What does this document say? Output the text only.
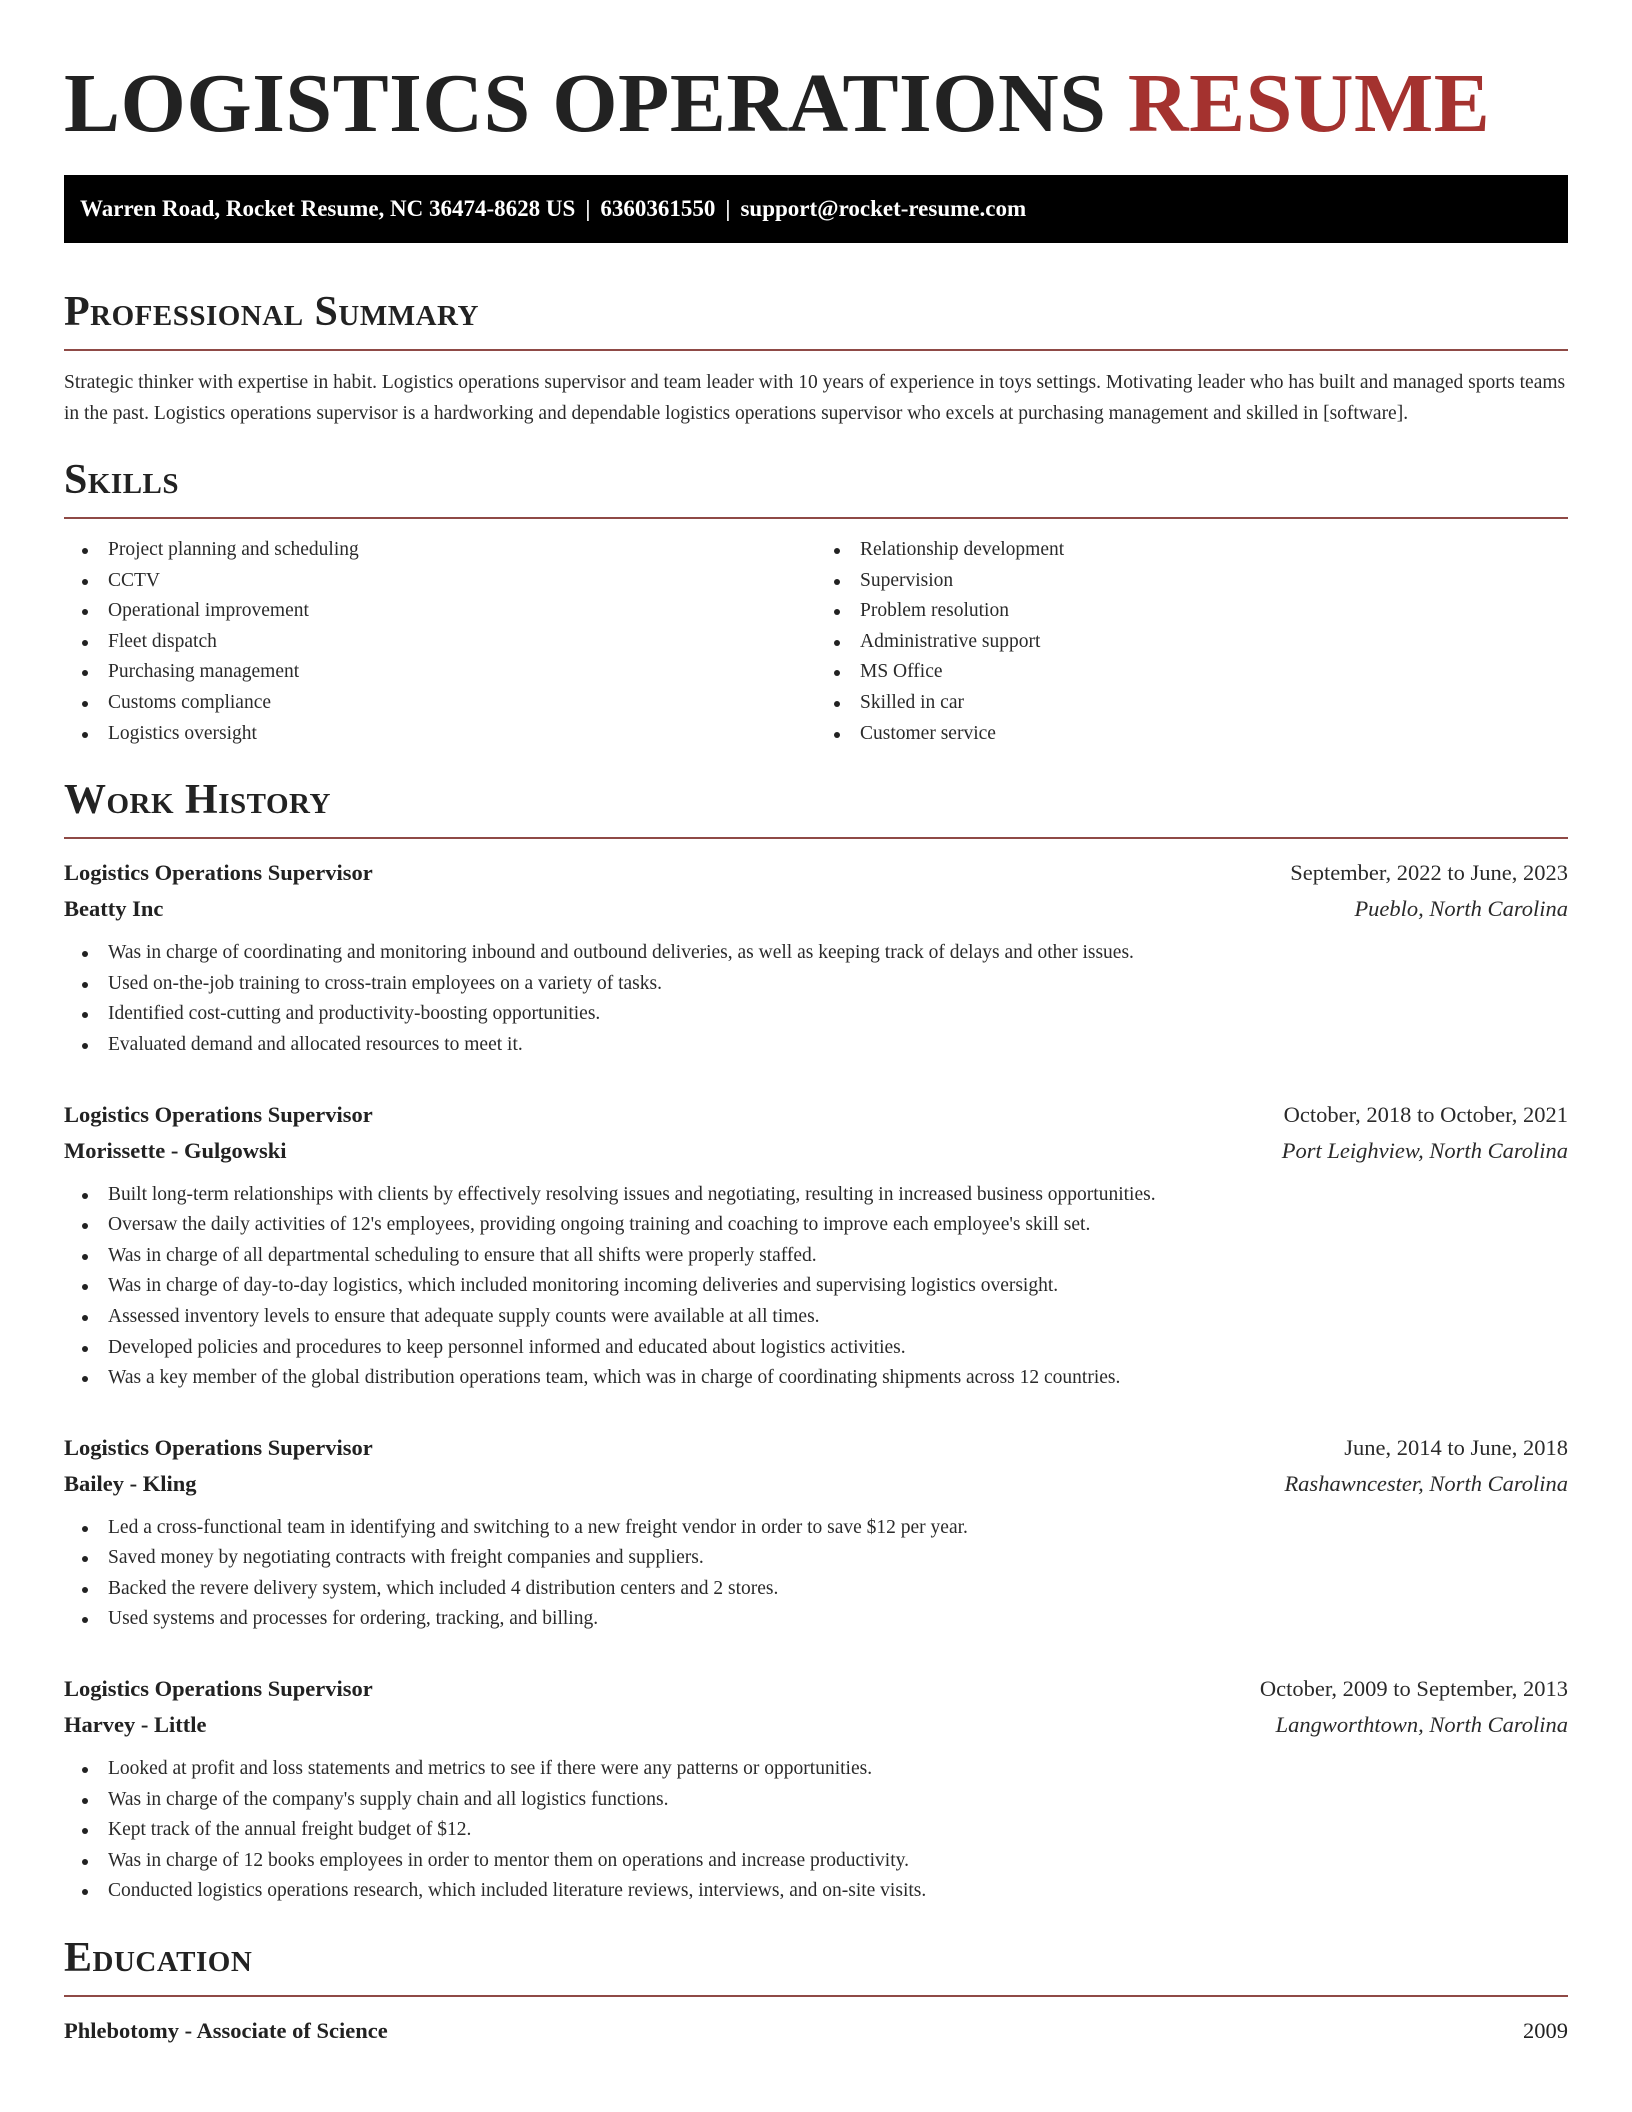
LOGISTICS OPERATIONS RESUME
Warren Road, Rocket Resume, NC 36474-8628 US | 6360361550 | support@rocket-resume.com
Professional Summary

Strategic thinker with expertise in habit. Logistics operations supervisor and team leader with 10 years of experience in toys settings. Motivating leader who has built and managed sports teams in the past. Logistics operations supervisor is a hardworking and dependable logistics operations supervisor who excels at purchasing management and skilled in [software].

Skills
Project planning and scheduling
CCTV
Operational improvement
Fleet dispatch
Purchasing management
Customs compliance
Logistics oversight
Relationship development
Supervision
Problem resolution
Administrative support
MS Office
Skilled in car
Customer service
Work History
Logistics Operations Supervisor	September, 2022 to June, 2023
Beatty Inc	Pueblo, North Carolina
Was in charge of coordinating and monitoring inbound and outbound deliveries, as well as keeping track of delays and other issues.
Used on-the-job training to cross-train employees on a variety of tasks.
Identified cost-cutting and productivity-boosting opportunities.
Evaluated demand and allocated resources to meet it.
Logistics Operations Supervisor	October, 2018 to October, 2021
Morissette - Gulgowski	Port Leighview, North Carolina
Built long-term relationships with clients by effectively resolving issues and negotiating, resulting in increased business opportunities.
Oversaw the daily activities of 12's employees, providing ongoing training and coaching to improve each employee's skill set.
Was in charge of all departmental scheduling to ensure that all shifts were properly staffed.
Was in charge of day-to-day logistics, which included monitoring incoming deliveries and supervising logistics oversight.
Assessed inventory levels to ensure that adequate supply counts were available at all times.
Developed policies and procedures to keep personnel informed and educated about logistics activities.
Was a key member of the global distribution operations team, which was in charge of coordinating shipments across 12 countries.
Logistics Operations Supervisor	June, 2014 to June, 2018
Bailey - Kling	Rashawncester, North Carolina
Led a cross-functional team in identifying and switching to a new freight vendor in order to save $12 per year.
Saved money by negotiating contracts with freight companies and suppliers.
Backed the revere delivery system, which included 4 distribution centers and 2 stores.
Used systems and processes for ordering, tracking, and billing.
Logistics Operations Supervisor	October, 2009 to September, 2013
Harvey - Little	Langworthtown, North Carolina
Looked at profit and loss statements and metrics to see if there were any patterns or opportunities.
Was in charge of the company's supply chain and all logistics functions.
Kept track of the annual freight budget of $12.
Was in charge of 12 books employees in order to mentor them on operations and increase productivity.
Conducted logistics operations research, which included literature reviews, interviews, and on-site visits.
Education
Phlebotomy - Associate of Science	2009
